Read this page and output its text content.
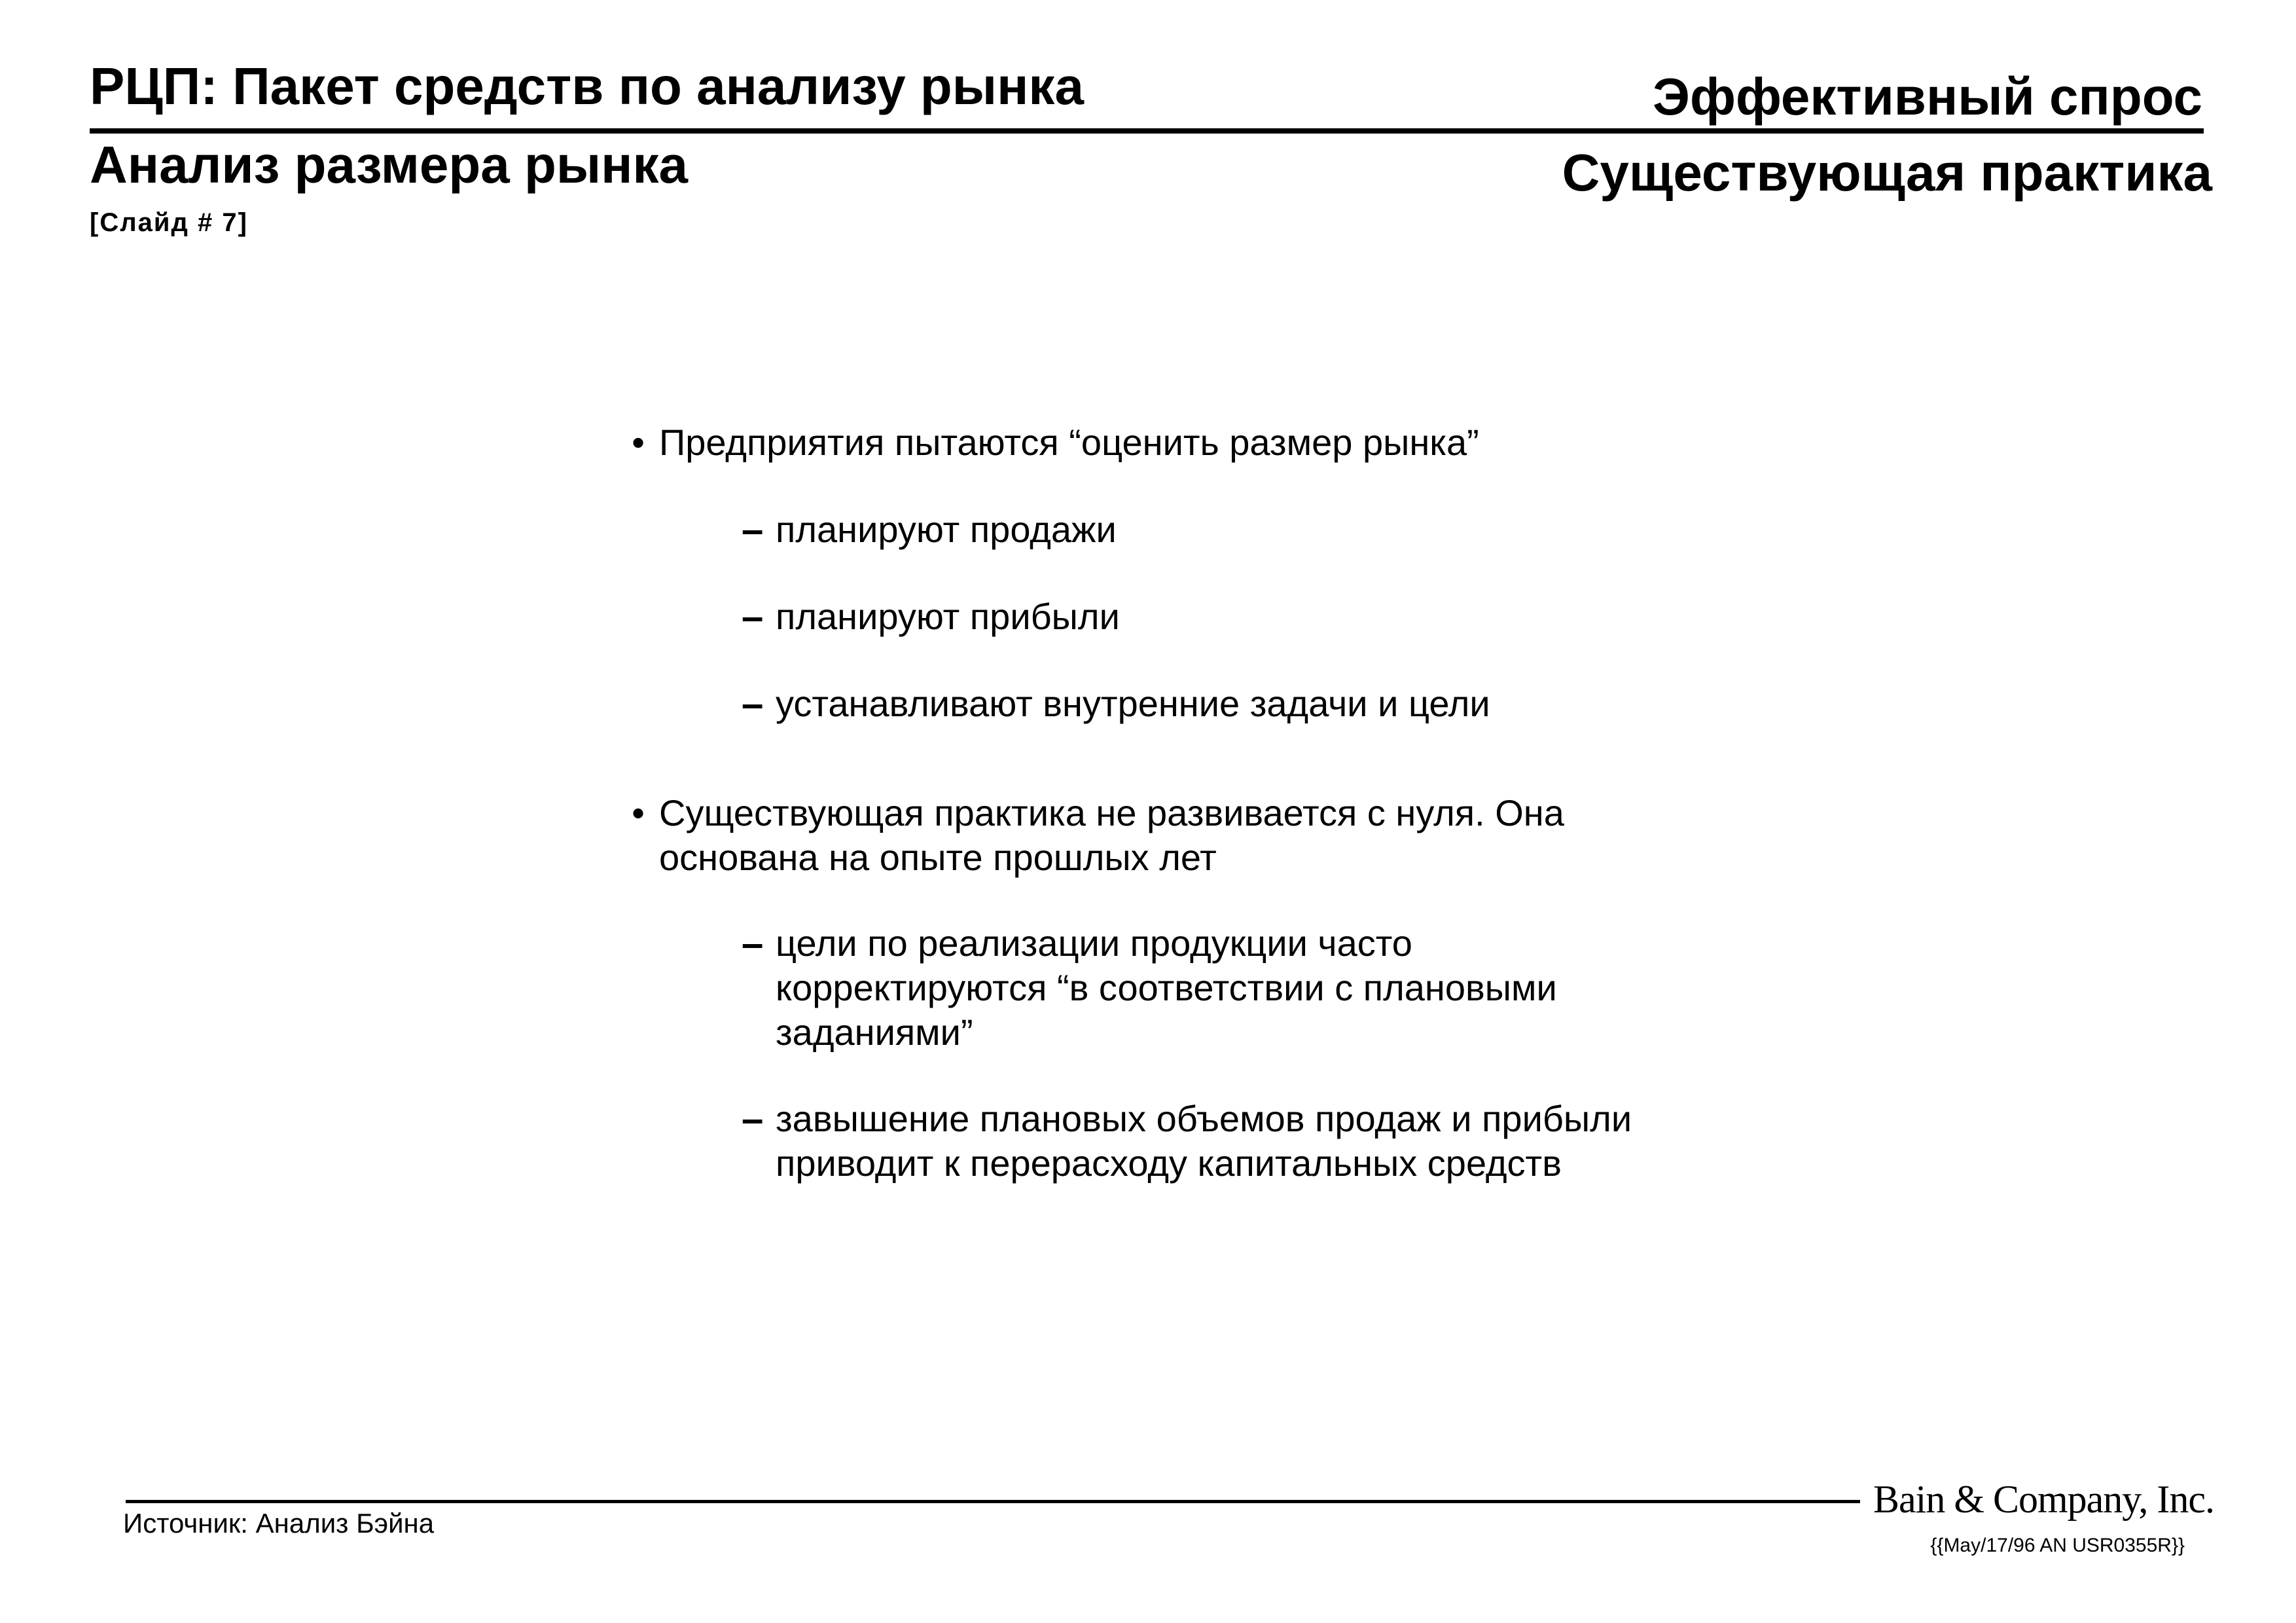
РЦП: Пакет средств по анализу рынка	Эффективный спрос
Анализ размера рынка	Существующая практика
[Слайд # 7]
• Предприятия пытаются “оценить размер рынка”
– планируют продажи
– планируют прибыли
– устанавливают внутренние задачи и цели
• Существующая практика не развивается с нуля. Она основана на опыте прошлых лет
– цели по реализации продукции часто корректируются “в соответствии с плановыми заданиями”
– завышение плановых объемов продаж и прибыли приводит к перерасходу капитальных средств
Источник: Анализ Бэйна
Bain & Company, Inc.
{{May/17/96 AN USR0355R}}
